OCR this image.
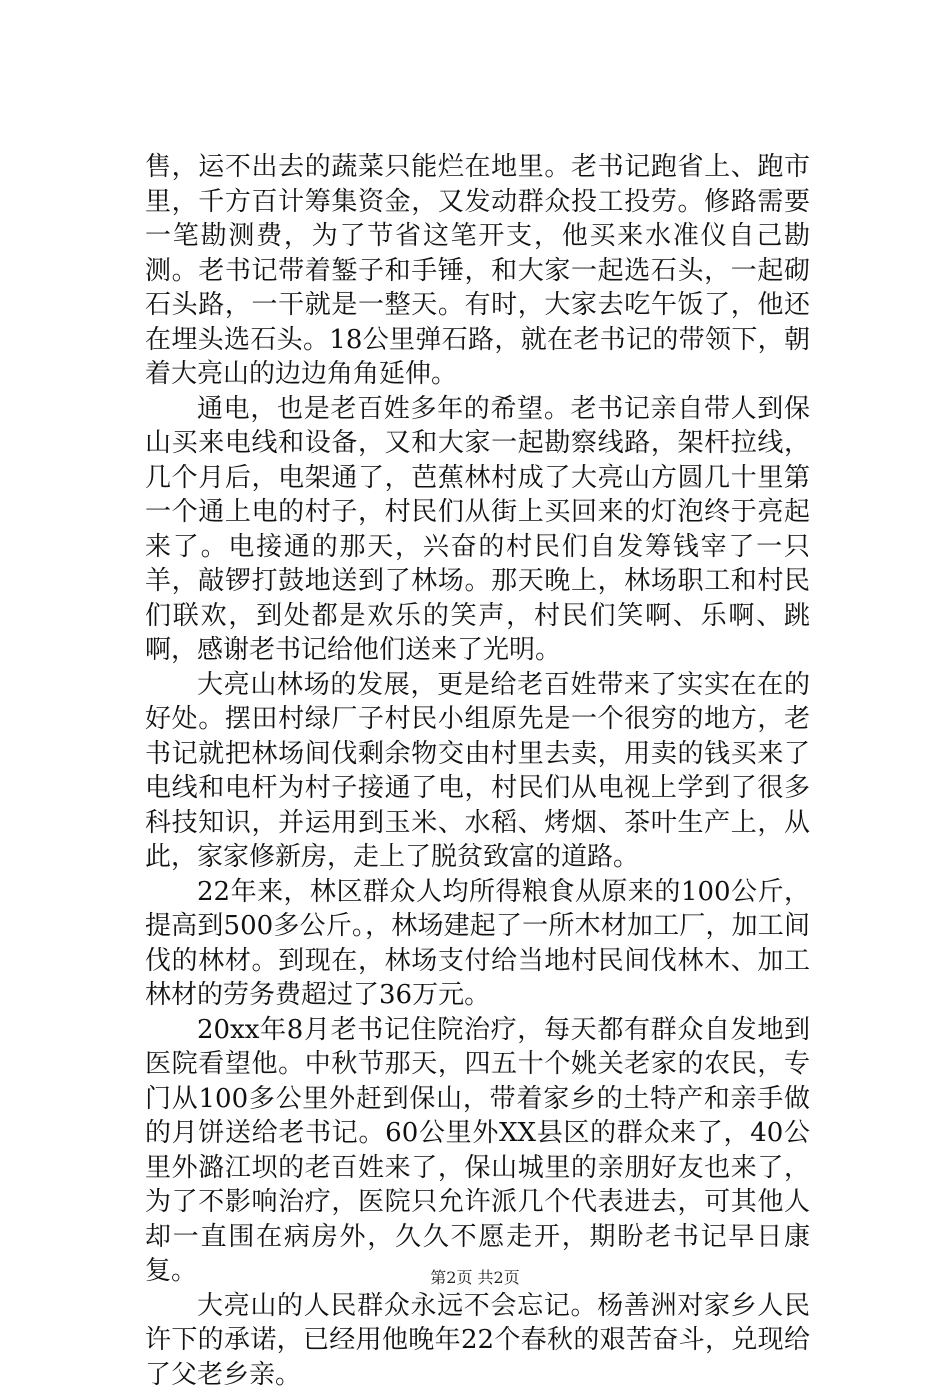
售，运不出去的蔬菜只能烂在地里。老书记跑省上、跑市里，千方百计筹集资金，又发动群众投工投劳。修路需要一笔勘测费，为了节省这笔开支，他买来水准仪自己勘测。老书记带着錾子和手锤，和大家一起选石头，一起砌石头路，一干就是一整天。有时，大家去吃午饭了，他还在埋头选石头。18公里弹石路，就在老书记的带领下，朝着大亮山的边边角角延伸。

通电，也是老百姓多年的希望。老书记亲自带人到保山买来电线和设备，又和大家一起勘察线路，架杆拉线，几个月后，电架通了，芭蕉林村成了大亮山方圆几十里第一个通上电的村子，村民们从街上买回来的灯泡终于亮起来了。电接通的那天，兴奋的村民们自发筹钱宰了一只羊，敲锣打鼓地送到了林场。那天晚上，林场职工和村民们联欢，到处都是欢乐的笑声，村民们笑啊、乐啊、跳啊，感谢老书记给他们送来了光明。

大亮山林场的发展，更是给老百姓带来了实实在在的好处。摆田村绿厂子村民小组原先是一个很穷的地方，老书记就把林场间伐剩余物交由村里去卖，用卖的钱买来了电线和电杆为村子接通了电，村民们从电视上学到了很多科技知识，并运用到玉米、水稻、烤烟、茶叶生产上，从此，家家修新房，走上了脱贫致富的道路。

22年来，林区群众人均所得粮食从原来的100公斤，提高到500多公斤。，林场建起了一所木材加工厂，加工间伐的林材。到现在，林场支付给当地村民间伐林木、加工林材的劳务费超过了36万元。

20xx年8月老书记住院治疗，每天都有群众自发地到医院看望他。中秋节那天，四五十个姚关老家的农民，专门从100多公里外赶到保山，带着家乡的土特产和亲手做的月饼送给老书记。60公里外XX县区的群众来了，40公里外潞江坝的老百姓来了，保山城里的亲朋好友也来了，为了不影响治疗，医院只允许派几个代表进去，可其他人却一直围在病房外，久久不愿走开，期盼老书记早日康复。

大亮山的人民群众永远不会忘记。杨善洲对家乡人民许下的承诺，已经用他晚年22个春秋的艰苦奋斗，兑现给了父老乡亲。

第2页 共2页
